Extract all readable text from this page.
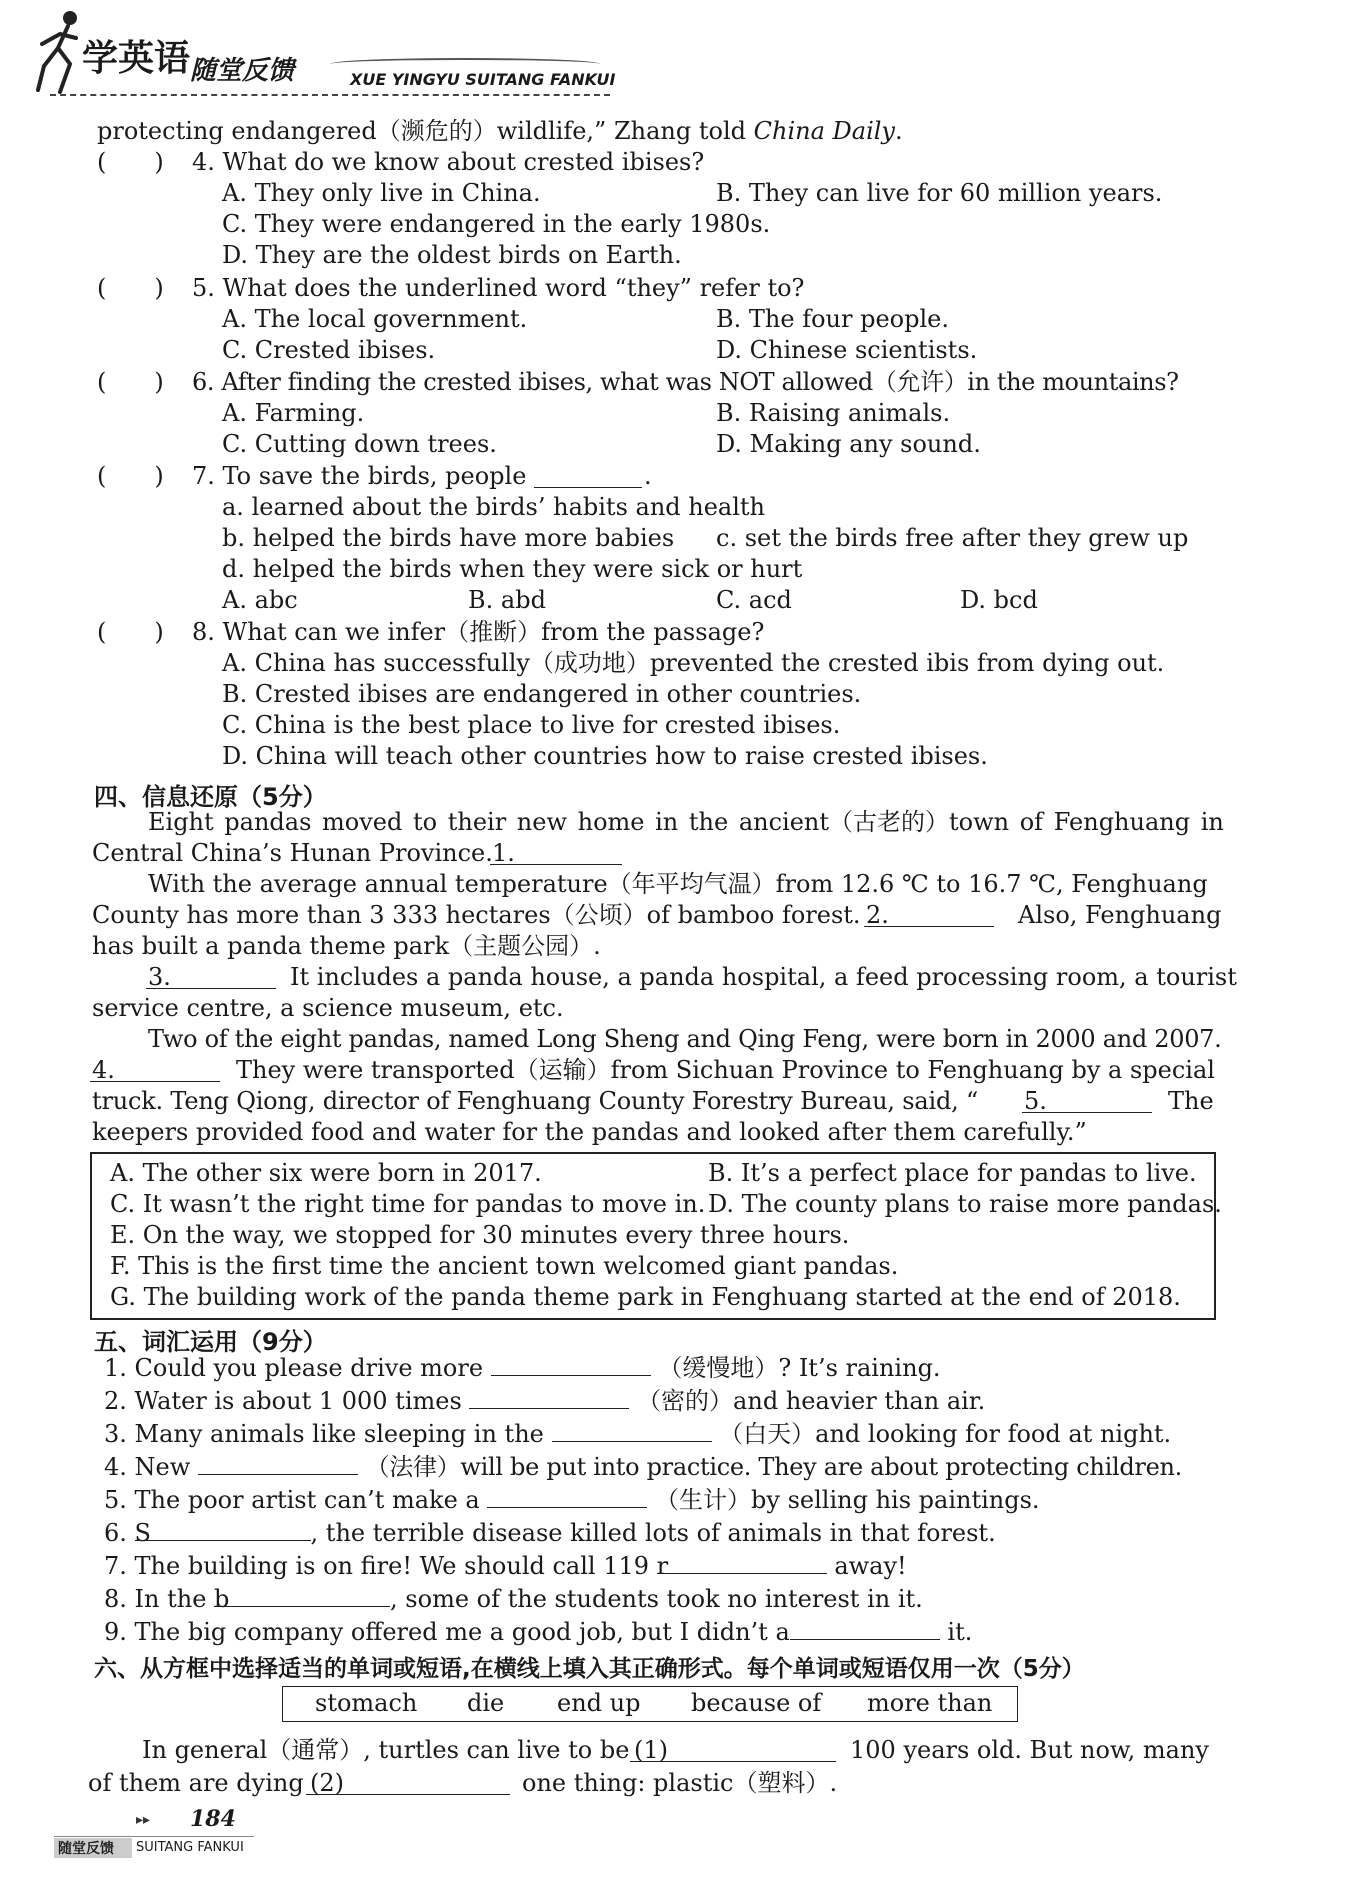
学英语 随堂反馈	XUE YINGYU SUITANG FANKUI
protecting endangered（濒危的）wildlife,” Zhang told China Daily.
(　　) 4. What do we know about crested ibises?
A. They only live in China.	B. They can live for 60 million years.
C. They were endangered in the early 1980s.
D. They are the oldest birds on Earth.
(　　) 5. What does the underlined word “they” refer to?
A. The local government.	B. The four people.
C. Crested ibises.	D. Chinese scientists.
(　　) 6. After finding the crested ibises, what was NOT allowed（允许）in the mountains?
A. Farming.	B. Raising animals.
C. Cutting down trees.	D. Making any sound.
(　　) 7. To save the birds, people	.
a. learned about the birds’ habits and health
b. helped the birds have more babies c. set the birds free after they grew up
d. helped the birds when they were sick or hurt
A. abc	B. abd	C. acd	D. bcd
(　　) 8. What can we infer（推断）from the passage?
A. China has successfully（成功地）prevented the crested ibis from dying out.
B. Crested ibises are endangered in other countries.
C. China is the best place to live for crested ibises.
D. China will teach other countries how to raise crested ibises.
四、信息还原（5分）
Eight pandas moved to their new home in the ancient（古老的）town of Fenghuang in
Central China’s Hunan Province. 1.
With the average annual temperature（年平均气温）from 12.6 ℃ to 16.7 ℃, Fenghuang
County has more than 3 333 hectares（公顷）of bamboo forest. 2.	Also, Fenghuang
has built a panda theme park（主题公园）.
3.	It includes a panda house, a panda hospital, a feed processing room, a tourist
service centre, a science museum, etc.
Two of the eight pandas, named Long Sheng and Qing Feng, were born in 2000 and 2007.
4.	They were transported（运输）from Sichuan Province to Fenghuang by a special
truck. Teng Qiong, director of Fenghuang County Forestry Bureau, said, “ 5.	The
keepers provided food and water for the pandas and looked after them carefully.”
A. The other six were born in 2017.	B. It’s a perfect place for pandas to live.
C. It wasn’t the right time for pandas to move in. D. The county plans to raise more pandas.
E. On the way, we stopped for 30 minutes every three hours.
F. This is the first time the ancient town welcomed giant pandas.
G. The building work of the panda theme park in Fenghuang started at the end of 2018.
五、词汇运用（9分）
1. Could you please drive more	（缓慢地）? It’s raining.
2. Water is about 1 000 times	（密的）and heavier than air.
3. Many animals like sleeping in the	（白天）and looking for food at night.
4. New	（法律）will be put into practice. They are about protecting children.
5. The poor artist can’t make a	（生计）by selling his paintings.
6. S	, the terrible disease killed lots of animals in that forest.
7. The building is on fire! We should call 119 r	away!
8. In the b	, some of the students took no interest in it.
9. The big company offered me a good job, but I didn’t a	it.
六、从方框中选择适当的单词或短语,在横线上填入其正确形式。每个单词或短语仅用一次（5分）
stomach die end up because of more than
In general（通常）, turtles can live to be (1)	100 years old. But now, many
of them are dying (2)	one thing: plastic（塑料）.
▸▸ 184
随堂反馈 SUITANG FANKUI
